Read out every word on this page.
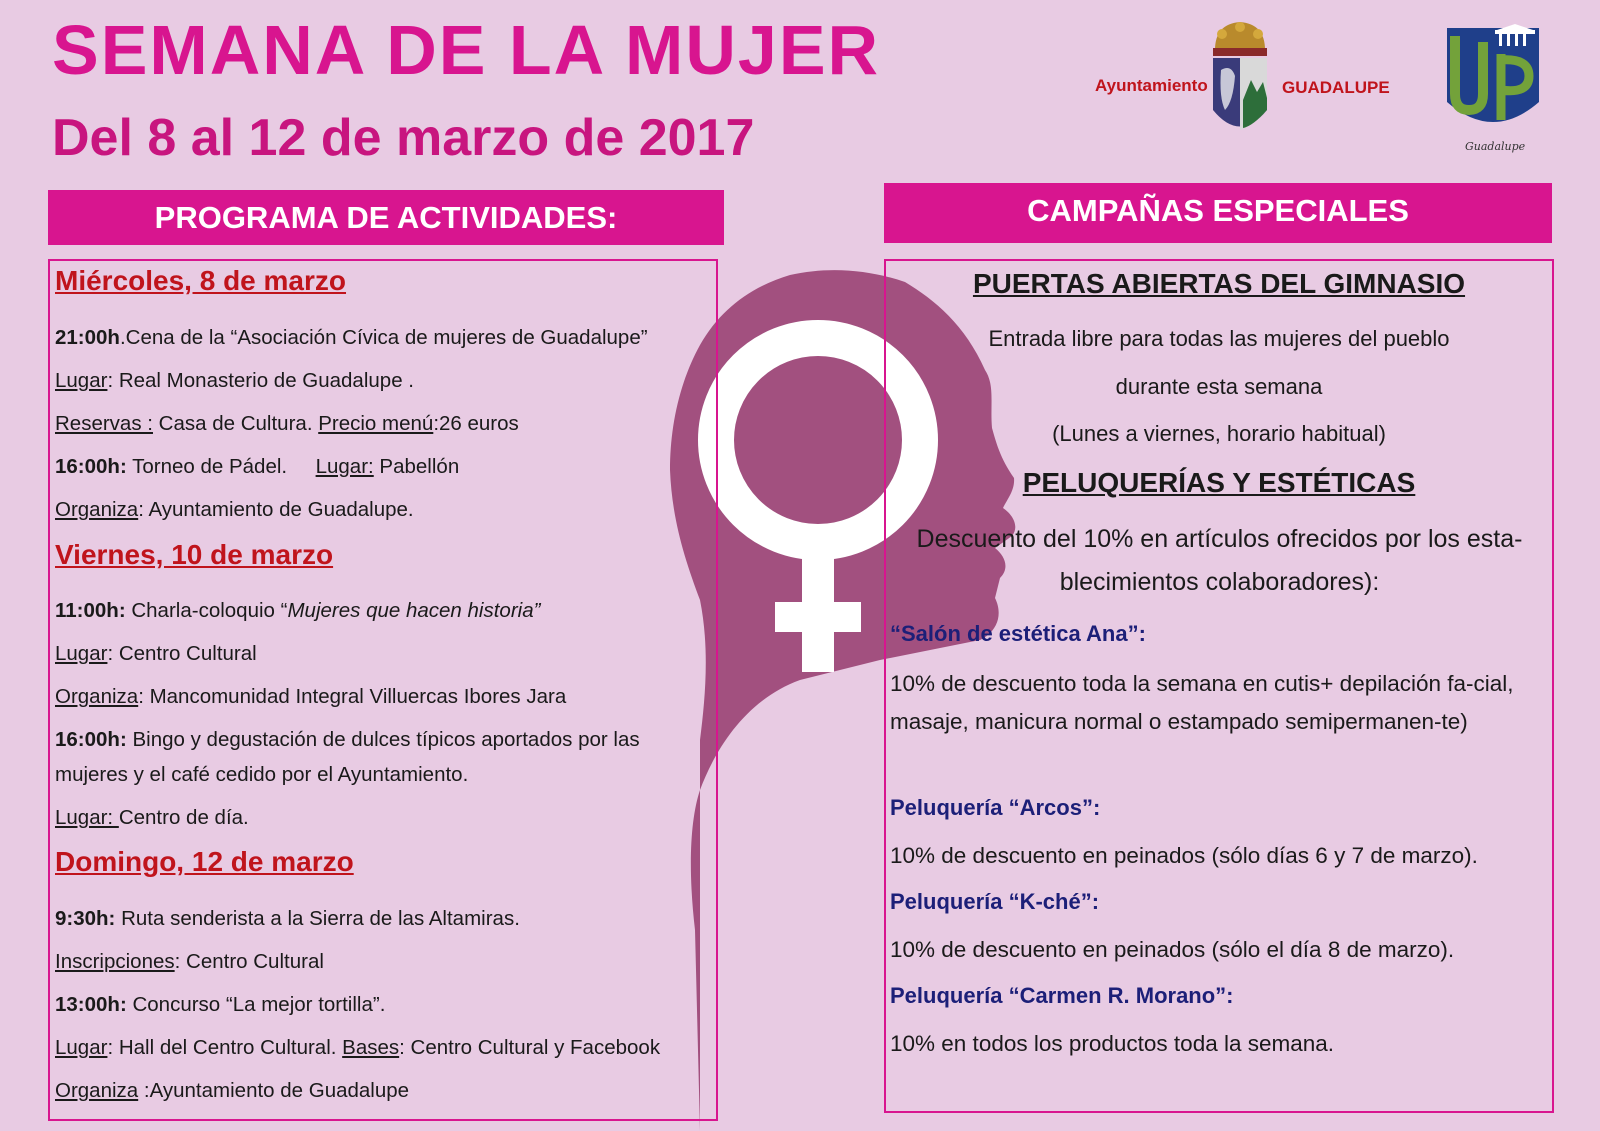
SEMANA DE LA MUJER
Del 8 al 12 de marzo de 2017
Ayuntamiento	GUADALUPE
Guadalupe
PROGRAMA DE ACTIVIDADES:	CAMPAÑAS ESPECIALES
Miércoles, 8 de marzo

21:00h.Cena de la “Asociación Cívica de mujeres de Guadalupe”

Lugar: Real Monasterio de Guadalupe .

Reservas : Casa de Cultura. Precio menú:26 euros

16:00h: Torneo de Pádel.     Lugar: Pabellón

Organiza: Ayuntamiento de Guadalupe.

Viernes, 10 de marzo

11:00h: Charla-coloquio “Mujeres que hacen historia”

Lugar: Centro Cultural

Organiza: Mancomunidad Integral Villuercas Ibores Jara

16:00h: Bingo y degustación de dulces típicos aportados por las

mujeres y el café cedido por el Ayuntamiento.

Lugar: Centro de día.

Domingo, 12 de marzo

9:30h: Ruta senderista a la Sierra de las Altamiras.

Inscripciones: Centro Cultural

13:00h: Concurso “La mejor tortilla”.

Lugar: Hall del Centro Cultural. Bases: Centro Cultural y Facebook

Organiza :Ayuntamiento de Guadalupe

PUERTAS ABIERTAS DEL GIMNASIO

Entrada libre para todas las mujeres del pueblo

durante esta semana

(Lunes a viernes, horario habitual)

PELUQUERÍAS Y ESTÉTICAS

Descuento del 10% en artículos ofrecidos por los esta-blecimientos colaboradores):

“Salón de estética Ana”:

10% de descuento toda la semana en cutis+ depilación fa-cial, masaje, manicura normal o estampado semipermanen-te)

Peluquería “Arcos”:

10% de descuento en peinados (sólo días 6 y 7 de marzo).

Peluquería “K-ché”:

10% de descuento en peinados (sólo el día 8 de marzo).

Peluquería “Carmen R. Morano”:

10% en todos los productos toda la semana.
